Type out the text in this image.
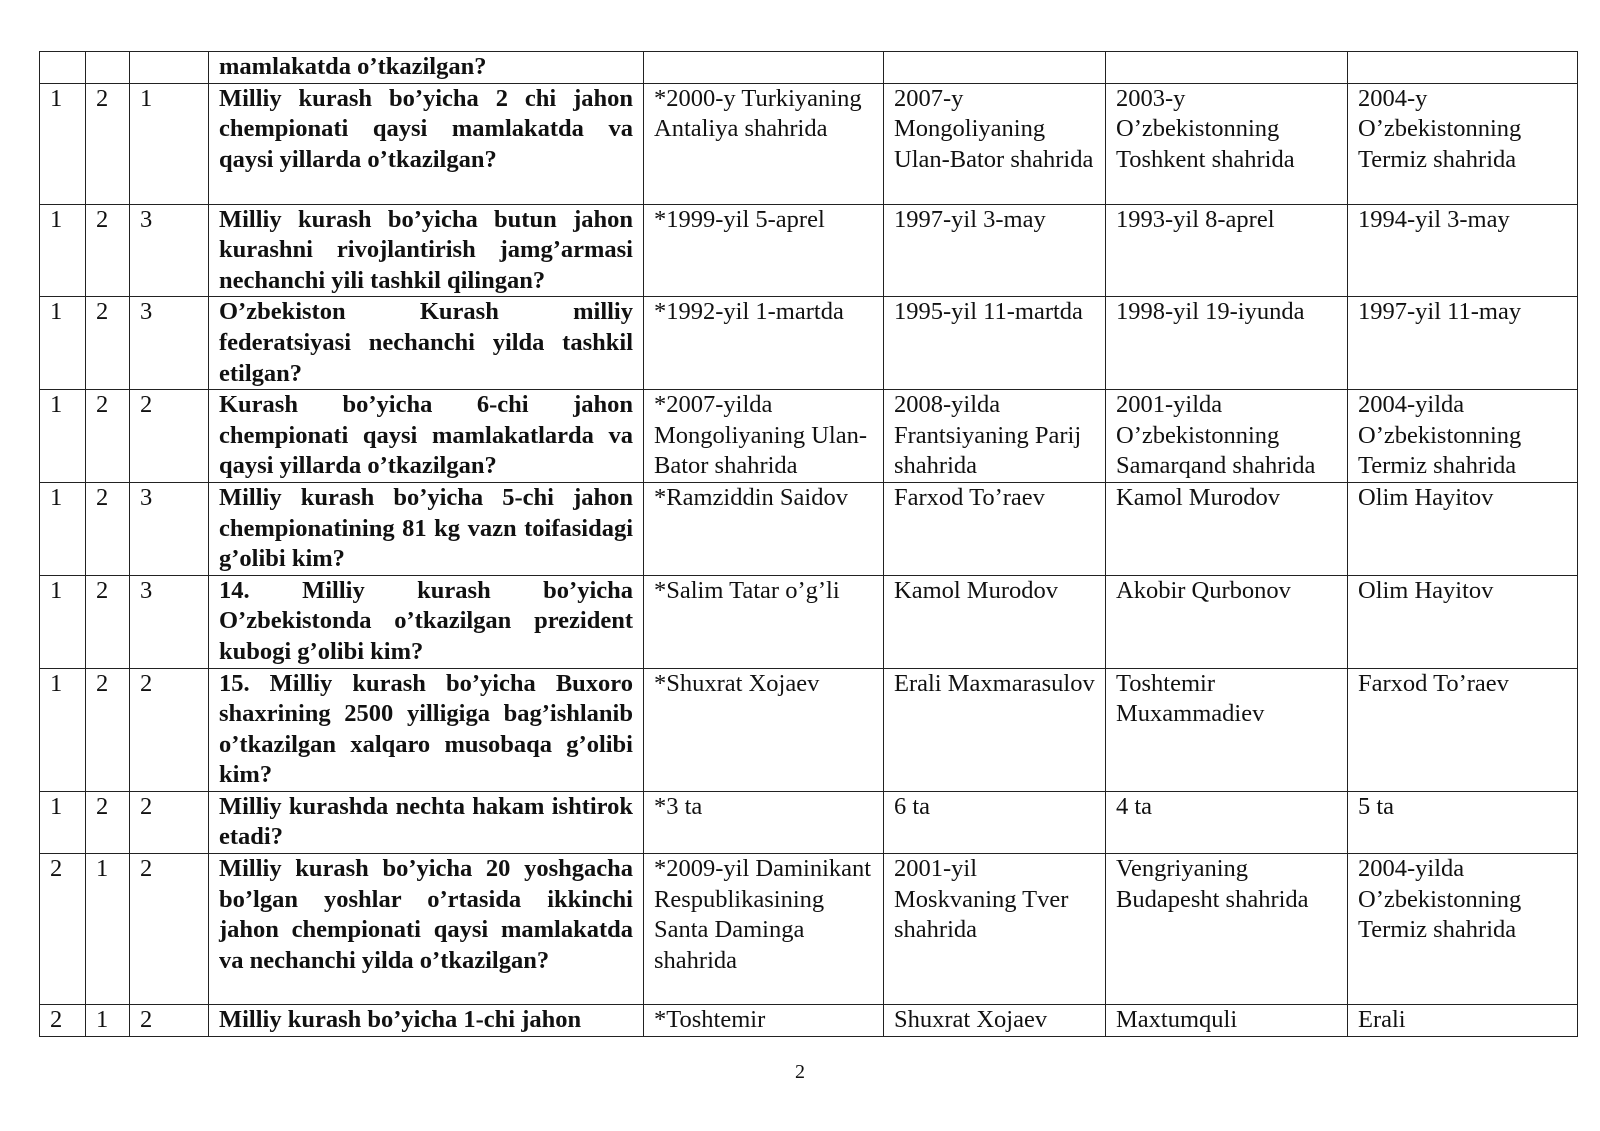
			mamlakatda o’tkazilgan?				
1	2	1	Milliy kurash bo’yicha 2 chi jahon chempionati qaysi mamlakatda va qaysi yillarda o’tkazilgan?	*2000-y Turkiyaning Antaliya shahrida	2007-y Mongoliyaning Ulan-Bator shahrida	2003-y O’zbekistonning Toshkent shahrida	2004-y O’zbekistonning Termiz shahrida
1	2	3	Milliy kurash bo’yicha butun jahon kurashni rivojlantirish jamg’armasi nechanchi yili tashkil qilingan?	*1999-yil 5-aprel	1997-yil 3-may	1993-yil 8-aprel	1994-yil 3-may
1	2	3	O’zbekiston Kurash milliy federatsiyasi nechanchi yilda tashkil etilgan?	*1992-yil 1-martda	1995-yil 11-martda	1998-yil 19-iyunda	1997-yil 11-may
1	2	2	Kurash bo’yicha 6-chi jahon chempionati qaysi mamlakatlarda va qaysi yillarda o’tkazilgan?	*2007-yilda Mongoliyaning Ulan-Bator shahrida	2008-yilda Frantsiyaning Parij shahrida	2001-yilda O’zbekistonning Samarqand shahrida	2004-yilda O’zbekistonning Termiz shahrida
1	2	3	Milliy kurash bo’yicha 5-chi jahon chempionatining 81 kg vazn toifasidagi g’olibi kim?	*Ramziddin Saidov	Farxod To’raev	Kamol Murodov	Olim Hayitov
1	2	3	14. Milliy kurash bo’yicha O’zbekistonda o’tkazilgan prezident kubogi g’olibi kim?	*Salim Tatar o’g’li	Kamol Murodov	Akobir Qurbonov	Olim Hayitov
1	2	2	15. Milliy kurash bo’yicha Buxoro shaxrining 2500 yilligiga bag’ishlanib o’tkazilgan xalqaro musobaqa g’olibi kim?	*Shuxrat Xojaev	Erali Maxmarasulov	Toshtemir Muxammadiev	Farxod To’raev
1	2	2	Milliy kurashda nechta hakam ishtirok etadi?	*3 ta	6 ta	4 ta	5 ta
2	1	2	Milliy kurash bo’yicha 20 yoshgacha bo’lgan yoshlar o’rtasida ikkinchi jahon chempionati qaysi mamlakatda va nechanchi yilda o’tkazilgan?	*2009-yil Daminikant Respublikasining Santa Daminga shahrida	2001-yil Moskvaning Tver shahrida	Vengriyaning Budapesht shahrida	2004-yilda O’zbekistonning Termiz shahrida
2	1	2	Milliy kurash bo’yicha 1-chi jahon	*Toshtemir	Shuxrat Xojaev	Maxtumquli	Erali
2
